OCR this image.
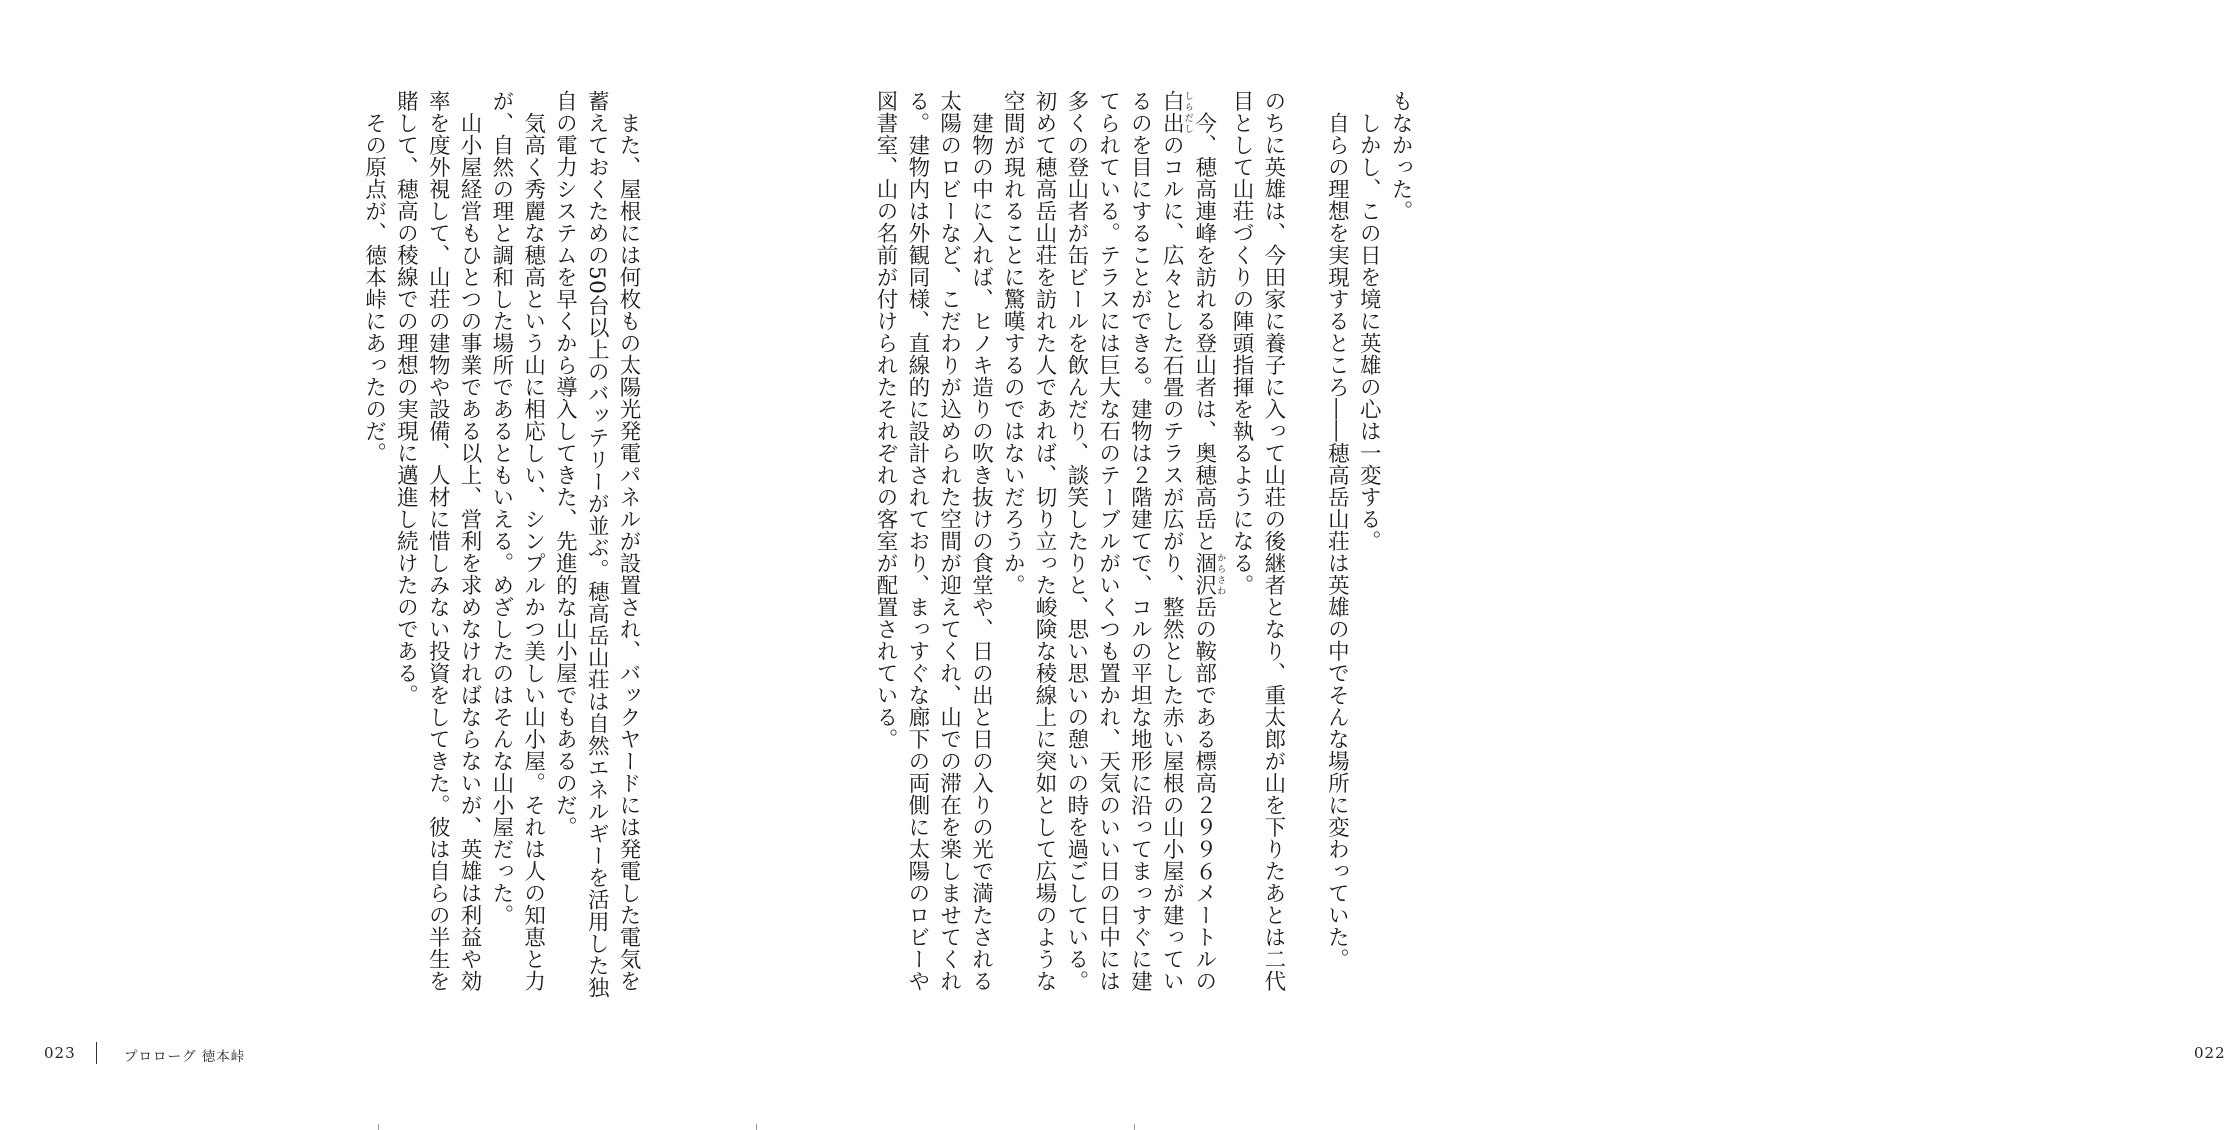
もなかった。

しかし、この日を境に英雄の心は一変する。

自らの理想を実現するところ――穂高岳山荘は英雄の中でそんな場所に変わっていた。

のちに英雄は、今田家に養子に入って山荘の後継者となり、重太郎が山を下りたあとは二代目として山荘づくりの陣頭指揮を執るようになる。

今、穂高連峰を訪れる登山者は、奥穂高岳と涸沢からさわ岳の鞍部である標高２９９６メートルの白出しらだしのコルに、広々とした石畳のテラスが広がり、整然とした赤い屋根の山小屋が建っているのを目にすることができる。建物は２階建てで、コルの平坦な地形に沿ってまっすぐに建てられている。テラスには巨大な石のテーブルがいくつも置かれ、天気のいい日の日中には多くの登山者が缶ビールを飲んだり、談笑したりと、思い思いの憩いの時を過ごしている。初めて穂高岳山荘を訪れた人であれば、切り立った峻険な稜線上に突如として広場のような空間が現れることに驚嘆するのではないだろうか。

建物の中に入れば、ヒノキ造りの吹き抜けの食堂や、日の出と日の入りの光で満たされる太陽のロビーなど、こだわりが込められた空間が迎えてくれ、山での滞在を楽しませてくれる。建物内は外観同様、直線的に設計されており、まっすぐな廊下の両側に太陽のロビーや図書室、山の名前が付けられたそれぞれの客室が配置されている。

022

また、屋根には何枚もの太陽光発電パネルが設置され、バックヤードには発電した電気を蓄えておくための50台以上のバッテリーが並ぶ。穂高岳山荘は自然エネルギーを活用した独自の電力システムを早くから導入してきた、先進的な山小屋でもあるのだ。

気高く秀麗な穂高という山に相応しい、シンプルかつ美しい山小屋。それは人の知恵と力が、自然の理と調和した場所であるともいえる。めざしたのはそんな山小屋だった。

山小屋経営もひとつの事業である以上、営利を求めなければならないが、英雄は利益や効率を度外視して、山荘の建物や設備、人材に惜しみない投資をしてきた。彼は自らの半生を賭して、穂高の稜線での理想の実現に邁進し続けたのである。

その原点が、徳本峠にあったのだ。

023	プロローグ 徳本峠
